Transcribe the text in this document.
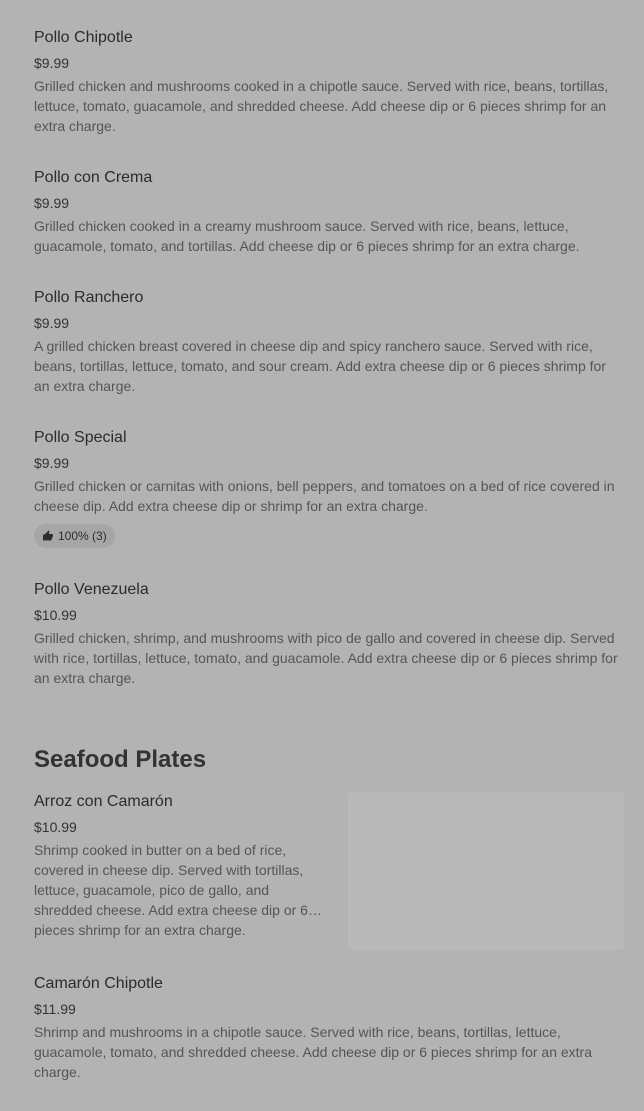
Pollo Chipotle
$9.99
Grilled chicken and mushrooms cooked in a chipotle sauce. Served with rice, beans, tortillas, lettuce, tomato, guacamole, and shredded cheese. Add cheese dip or 6 pieces shrimp for an extra charge.
Pollo con Crema
$9.99
Grilled chicken cooked in a creamy mushroom sauce. Served with rice, beans, lettuce, guacamole, tomato, and tortillas. Add cheese dip or 6 pieces shrimp for an extra charge.
Pollo Ranchero
$9.99
A grilled chicken breast covered in cheese dip and spicy ranchero sauce. Served with rice, beans, tortillas, lettuce, tomato, and sour cream. Add extra cheese dip or 6 pieces shrimp for an extra charge.
Pollo Special
$9.99
Grilled chicken or carnitas with onions, bell peppers, and tomatoes on a bed of rice covered in cheese dip. Add extra cheese dip or shrimp for an extra charge.
100% (3)
Pollo Venezuela
$10.99
Grilled chicken, shrimp, and mushrooms with pico de gallo and covered in cheese dip. Served with rice, tortillas, lettuce, tomato, and guacamole. Add extra cheese dip or 6 pieces shrimp for an extra charge.
Seafood Plates
Arroz con Camarón
$10.99
Shrimp cooked in butter on a bed of rice, covered in cheese dip. Served with tortillas, lettuce, guacamole, pico de gallo, and shredded cheese. Add extra cheese dip or 6 pieces shrimp for an extra charge.
Camarón Chipotle
$11.99
Shrimp and mushrooms in a chipotle sauce. Served with rice, beans, tortillas, lettuce, guacamole, tomato, and shredded cheese. Add cheese dip or 6 pieces shrimp for an extra charge.
